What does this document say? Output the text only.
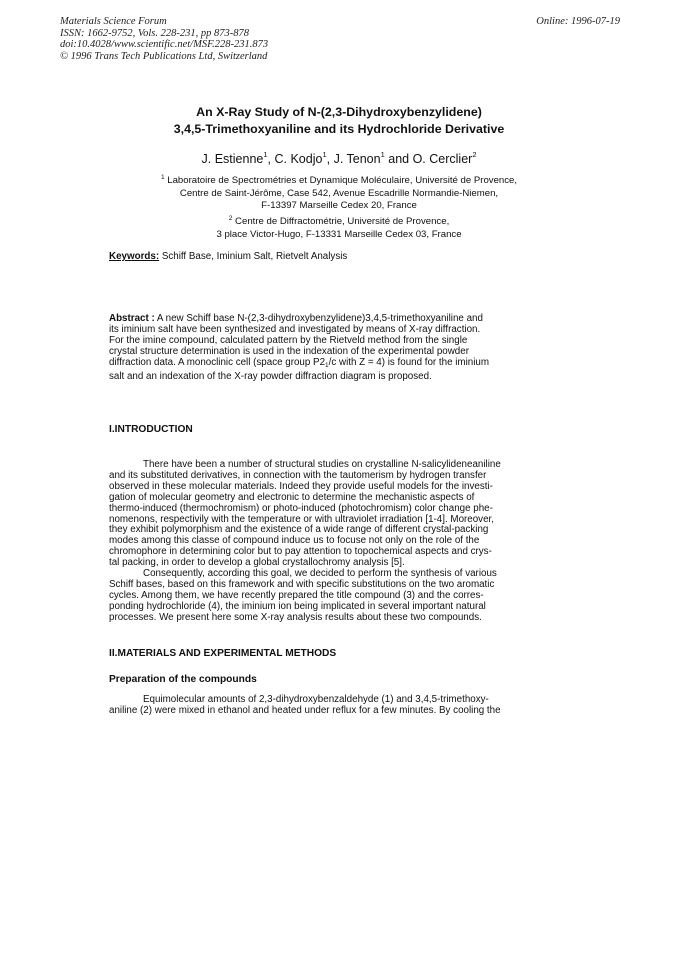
Materials Science Forum
ISSN: 1662-9752, Vols. 228-231, pp 873-878
doi:10.4028/www.scientific.net/MSF.228-231.873
© 1996 Trans Tech Publications Ltd, Switzerland
Online: 1996-07-19
An X-Ray Study of N-(2,3-Dihydroxybenzylidene)
3,4,5-Trimethoxyaniline and its Hydrochloride Derivative
J. Estienne$^1$, C. Kodjo$^1$, J. Tenon$^1$ and O. Cerclier$^2$
$^1$ Laboratoire de Spectrométries et Dynamique Moléculaire, Université de Provence,
Centre de Saint-Jérôme, Case 542, Avenue Escadrille Normandie-Niemen,
F-13397 Marseille Cedex 20, France
$^2$ Centre de Diffractométrie, Université de Provence,
3 place Victor-Hugo, F-13331 Marseille Cedex 03, France
Keywords: Schiff Base, Iminium Salt, Rietvelt Analysis
Abstract : A new Schiff base N-(2,3-dihydroxybenzylidene)3,4,5-trimethoxyaniline and
its iminium salt have been synthesized and investigated by means of X-ray diffraction.
For the imine compound, calculated pattern by the Rietveld method from the single
crystal structure determination is used in the indexation of the experimental powder
diffraction data. A monoclinic cell (space group $P2_1/c$ with Z = 4) is found for the iminium
salt and an indexation of the X-ray powder diffraction diagram is proposed.
I.INTRODUCTION
There have been a number of structural studies on crystalline N-salicylideneaniline
and its substituted derivatives, in connection with the tautomerism by hydrogen transfer
observed in these molecular materials. Indeed they provide useful models for the investi-
gation of molecular geometry and electronic to determine the mechanistic aspects of
thermo-induced (thermochromism) or photo-induced (photochromism) color change phe-
nomenons, respectivily with the temperature or with ultraviolet irradiation [1-4]. Moreover,
they exhibit polymorphism and the existence of a wide range of different crystal-packing
modes among this classe of compound induce us to focuse not only on the role of the
chromophore in determining color but to pay attention to topochemical aspects and crys-
tal packing, in order to develop a global crystallochromy analysis [5].
Consequently, according this goal, we decided to perform the synthesis of various
Schiff bases, based on this framework and with specific substitutions on the two aromatic
cycles. Among them, we have recently prepared the title compound (3) and the corres-
ponding hydrochloride (4), the iminium ion being implicated in several important natural
processes. We present here some X-ray analysis results about these two compounds.
II.MATERIALS AND EXPERIMENTAL METHODS
Preparation of the compounds
Equimolecular amounts of 2,3-dihydroxybenzaldehyde (1) and 3,4,5-trimethoxy-
aniline (2) were mixed in ethanol and heated under reflux for a few minutes. By cooling the
